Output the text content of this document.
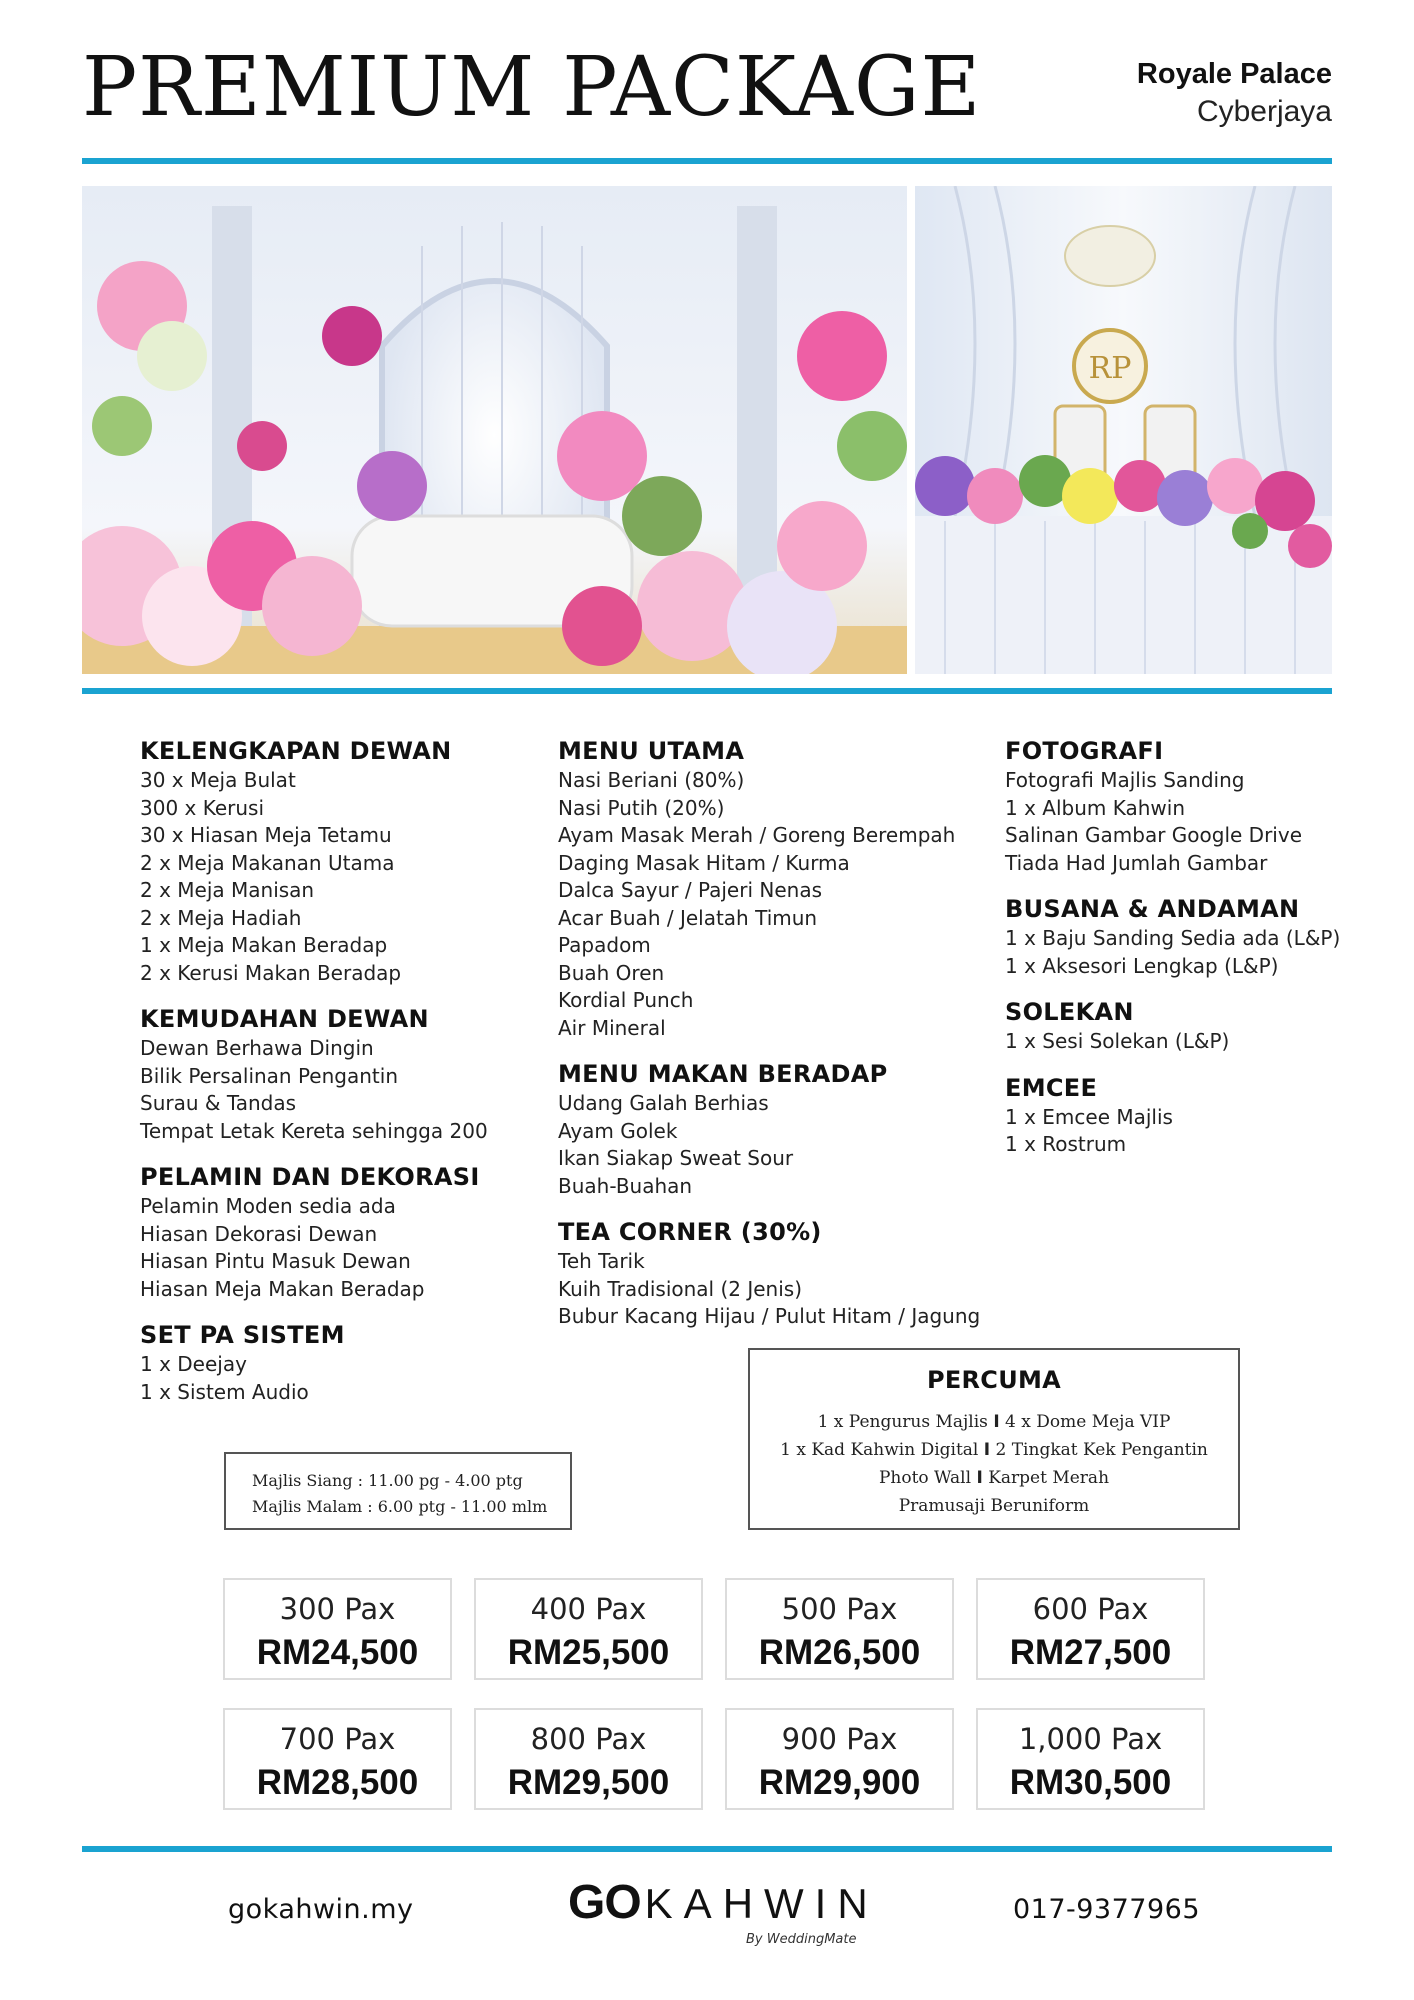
PREMIUM PACKAGE	Royale Palace
Cyberjaya
RP
KELENGKAPAN DEWAN
30 x Meja Bulat
300 x Kerusi
30 x Hiasan Meja Tetamu
2 x Meja Makanan Utama
2 x Meja Manisan
2 x Meja Hadiah
1 x Meja Makan Beradap
2 x Kerusi Makan Beradap
KEMUDAHAN DEWAN
Dewan Berhawa Dingin
Bilik Persalinan Pengantin
Surau & Tandas
Tempat Letak Kereta sehingga 200
PELAMIN DAN DEKORASI
Pelamin Moden sedia ada
Hiasan Dekorasi Dewan
Hiasan Pintu Masuk Dewan
Hiasan Meja Makan Beradap
SET PA SISTEM
1 x Deejay
1 x Sistem Audio
MENU UTAMA
Nasi Beriani (80%)
Nasi Putih (20%)
Ayam Masak Merah / Goreng Berempah
Daging Masak Hitam / Kurma
Dalca Sayur / Pajeri Nenas
Acar Buah / Jelatah Timun
Papadom
Buah Oren
Kordial Punch
Air Mineral
MENU MAKAN BERADAP
Udang Galah Berhias
Ayam Golek
Ikan Siakap Sweat Sour
Buah-Buahan
TEA CORNER (30%)
Teh Tarik
Kuih Tradisional (2 Jenis)
Bubur Kacang Hijau / Pulut Hitam / Jagung
FOTOGRAFI
Fotografi Majlis Sanding
1 x Album Kahwin
Salinan Gambar Google Drive
Tiada Had Jumlah Gambar
BUSANA & ANDAMAN
1 x Baju Sanding Sedia ada (L&P)
1 x Aksesori Lengkap (L&P)
SOLEKAN
1 x Sesi Solekan (L&P)
EMCEE
1 x Emcee Majlis
1 x Rostrum
Majlis Siang : 11.00 pg - 4.00 ptg
Majlis Malam : 6.00 ptg - 11.00 mlm
PERCUMA
1 x Pengurus Majlis I 4 x Dome Meja VIP
1 x Kad Kahwin Digital I 2 Tingkat Kek Pengantin
Photo Wall I Karpet Merah
Pramusaji Beruniform
300 Pax
RM24,500
400 Pax
RM25,500
500 Pax
RM26,500
600 Pax
RM27,500
700 Pax
RM28,500
800 Pax
RM29,500
900 Pax
RM29,900
1,000 Pax
RM30,500
gokahwin.my	GOKAHWIN
By WeddingMate
017-9377965
